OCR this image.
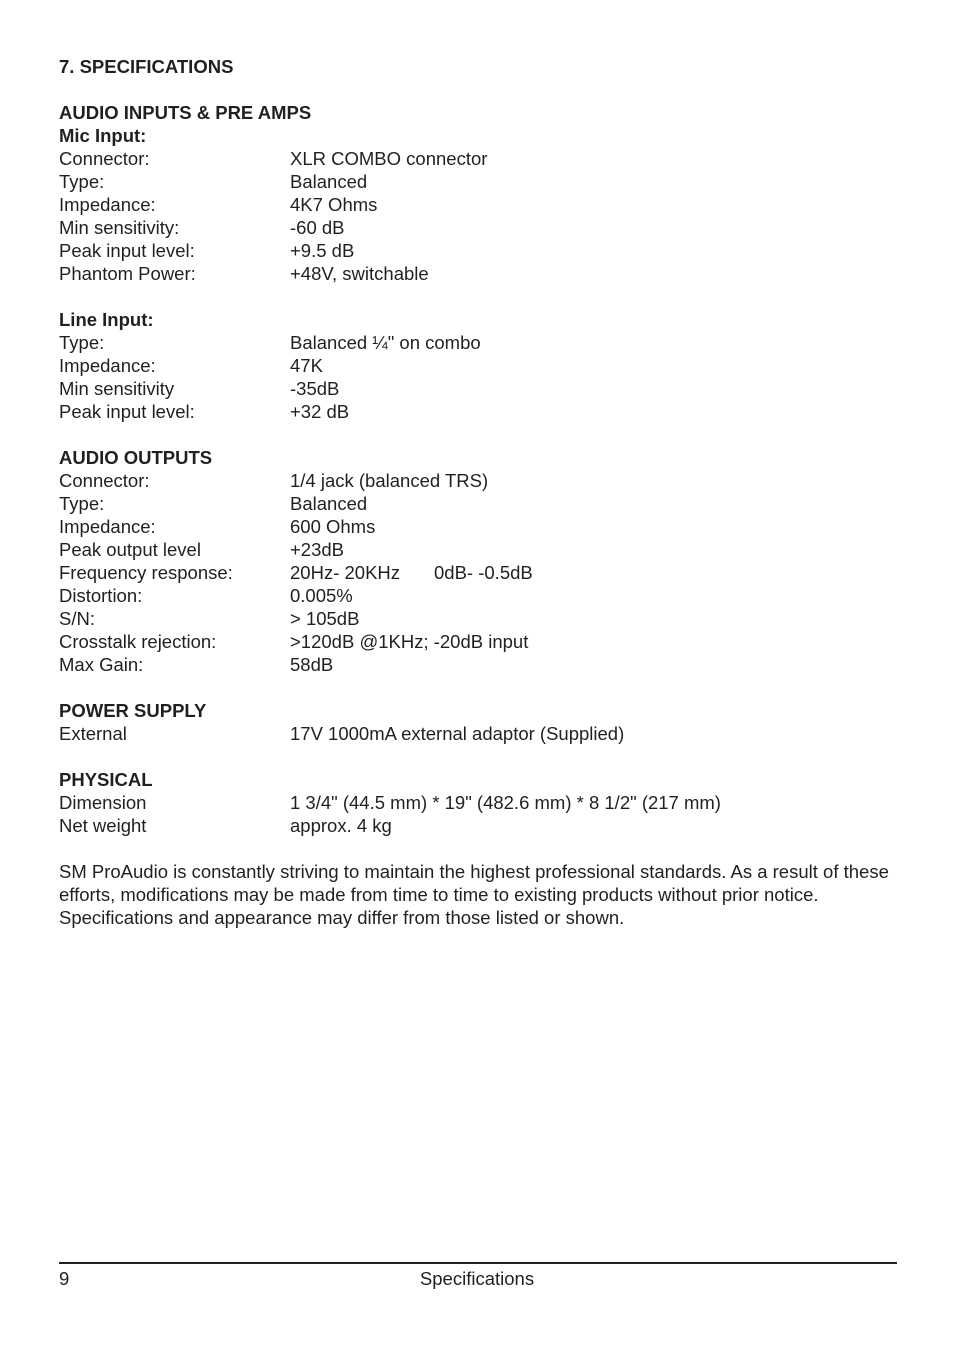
7. SPECIFICATIONS
AUDIO INPUTS & PRE AMPS
Mic Input:
Connector:	XLR COMBO connector
Type:	Balanced
Impedance:	4K7 Ohms
Min sensitivity:	-60 dB
Peak input level:	+9.5 dB
Phantom Power:	+48V, switchable
Line Input:
Type:	Balanced ¼" on combo
Impedance:	47K
Min sensitivity	-35dB
Peak input level:	+32 dB
AUDIO OUTPUTS
Connector:	1/4 jack (balanced TRS)
Type:	Balanced
Impedance:	600 Ohms
Peak output level	+23dB
Frequency response:	20Hz- 20KHz 0dB- -0.5dB
Distortion:	0.005%
S/N:	> 105dB
Crosstalk rejection:	>120dB @1KHz; -20dB input
Max Gain:	58dB
POWER SUPPLY
External	17V 1000mA external adaptor (Supplied)
PHYSICAL
Dimension	1 3/4" (44.5 mm) * 19" (482.6 mm) * 8 1/2" (217 mm)
Net weight	approx. 4 kg

SM ProAudio is constantly striving to maintain the highest professional standards. As a result of these efforts, modifications may be made from time to time to existing products without prior notice. Specifications and appearance may differ from those listed or shown.

9	Specifications
